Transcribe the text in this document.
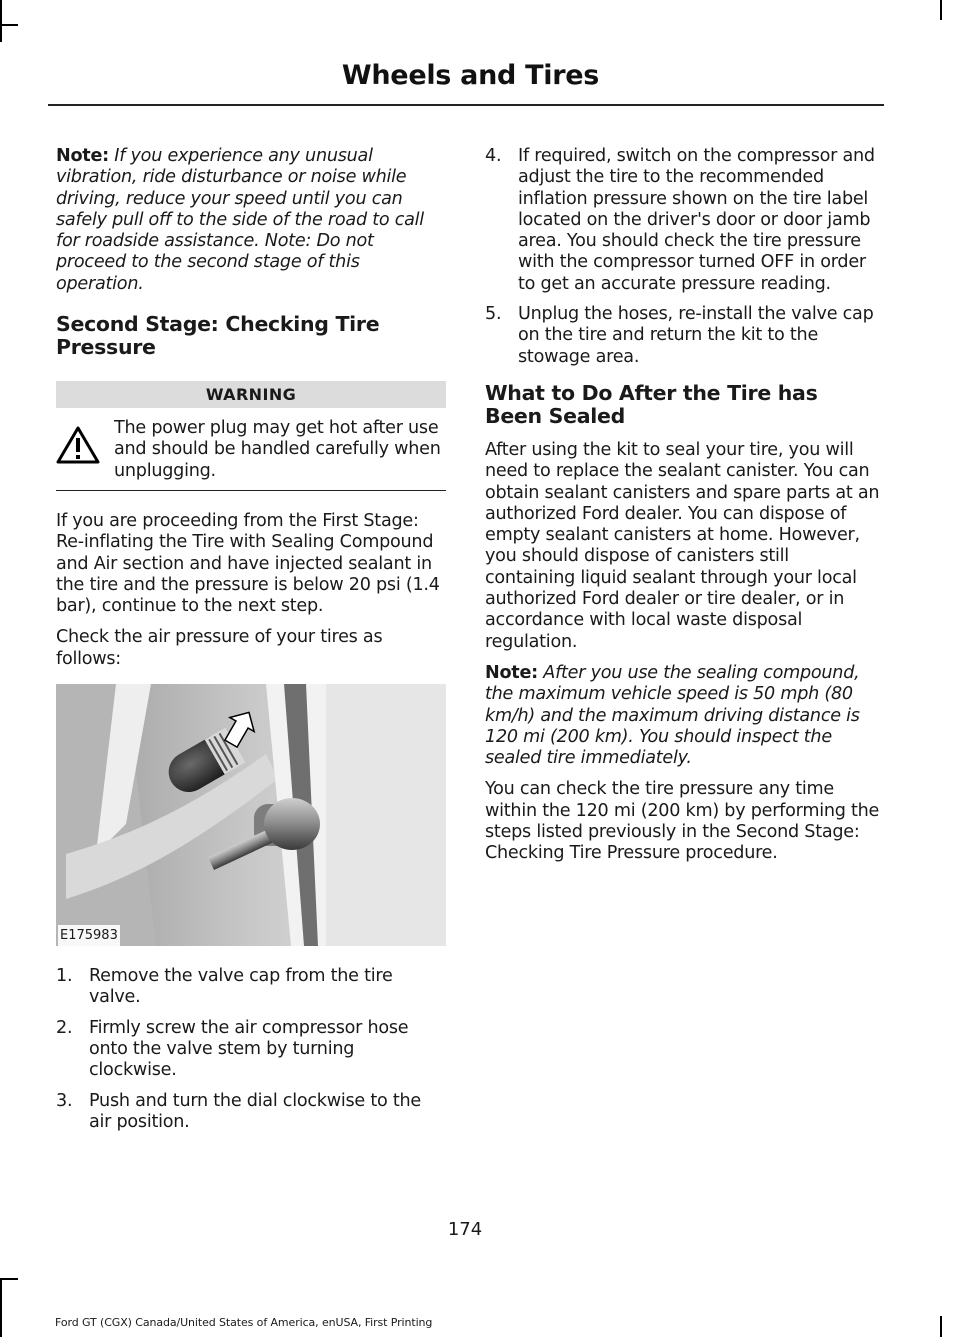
Wheels and Tires

Note: If you experience any unusual vibration, ride disturbance or noise while driving, reduce your speed until you can safely pull off to the side of the road to call for roadside assistance. Note: Do not proceed to the second stage of this operation.

Second Stage: Checking Tire Pressure
WARNING
The power plug may get hot after use and should be handled carefully when unplugging.

If you are proceeding from the First Stage: Re-inflating the Tire with Sealing Compound and Air section and have injected sealant in the tire and the pressure is below 20 psi (1.4 bar), continue to the next step.

Check the air pressure of your tires as follows:

E175983
1. Remove the valve cap from the tire valve.
2. Firmly screw the air compressor hose onto the valve stem by turning clockwise.
3. Push and turn the dial clockwise to the air position.
4. If required, switch on the compressor and adjust the tire to the recommended inflation pressure shown on the tire label located on the driver's door or door jamb area. You should check the tire pressure with the compressor turned OFF in order to get an accurate pressure reading.
5. Unplug the hoses, re-install the valve cap on the tire and return the kit to the stowage area.
What to Do After the Tire has Been Sealed

After using the kit to seal your tire, you will need to replace the sealant canister. You can obtain sealant canisters and spare parts at an authorized Ford dealer. You can dispose of empty sealant canisters at home. However, you should dispose of canisters still containing liquid sealant through your local authorized Ford dealer or tire dealer, or in accordance with local waste disposal regulation.

Note: After you use the sealing compound, the maximum vehicle speed is 50 mph (80 km/h) and the maximum driving distance is 120 mi (200 km). You should inspect the sealed tire immediately.

You can check the tire pressure any time within the 120 mi (200 km) by performing the steps listed previously in the Second Stage: Checking Tire Pressure procedure.

174
Ford GT (CGX) Canada/United States of America, enUSA, First Printing
